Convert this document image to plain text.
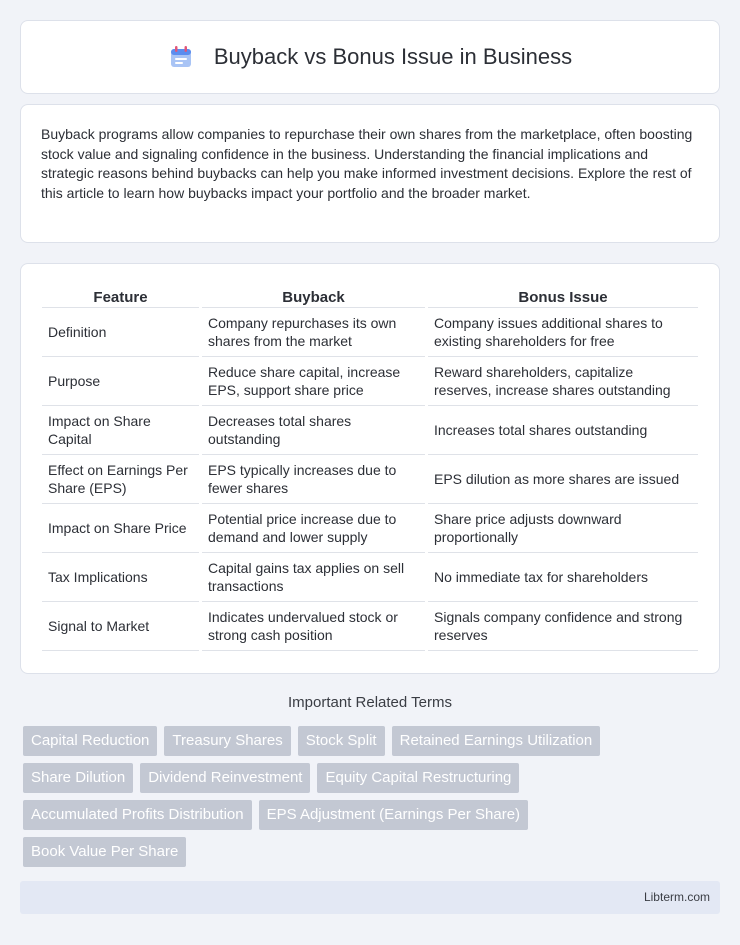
Buyback vs Bonus Issue in Business

Buyback programs allow companies to repurchase their own shares from the marketplace, often boosting stock value and signaling confidence in the business. Understanding the financial implications and strategic reasons behind buybacks can help you make informed investment decisions. Explore the rest of this article to learn how buybacks impact your portfolio and the broader market.

Feature	Buyback	Bonus Issue
Definition	Company repurchases its own shares from the market	Company issues additional shares to existing shareholders for free
Purpose	Reduce share capital, increase EPS, support share price	Reward shareholders, capitalize reserves, increase shares outstanding
Impact on Share Capital	Decreases total shares outstanding	Increases total shares outstanding
Effect on Earnings Per Share (EPS)	EPS typically increases due to fewer shares	EPS dilution as more shares are issued
Impact on Share Price	Potential price increase due to demand and lower supply	Share price adjusts downward proportionally
Tax Implications	Capital gains tax applies on sell transactions	No immediate tax for shareholders
Signal to Market	Indicates undervalued stock or strong cash position	Signals company confidence and strong reserves
Important Related Terms
Capital Reduction	Treasury Shares	Stock Split	Retained Earnings Utilization
Share Dilution	Dividend Reinvestment	Equity Capital Restructuring
Accumulated Profits Distribution	EPS Adjustment (Earnings Per Share)
Book Value Per Share
Libterm.com
